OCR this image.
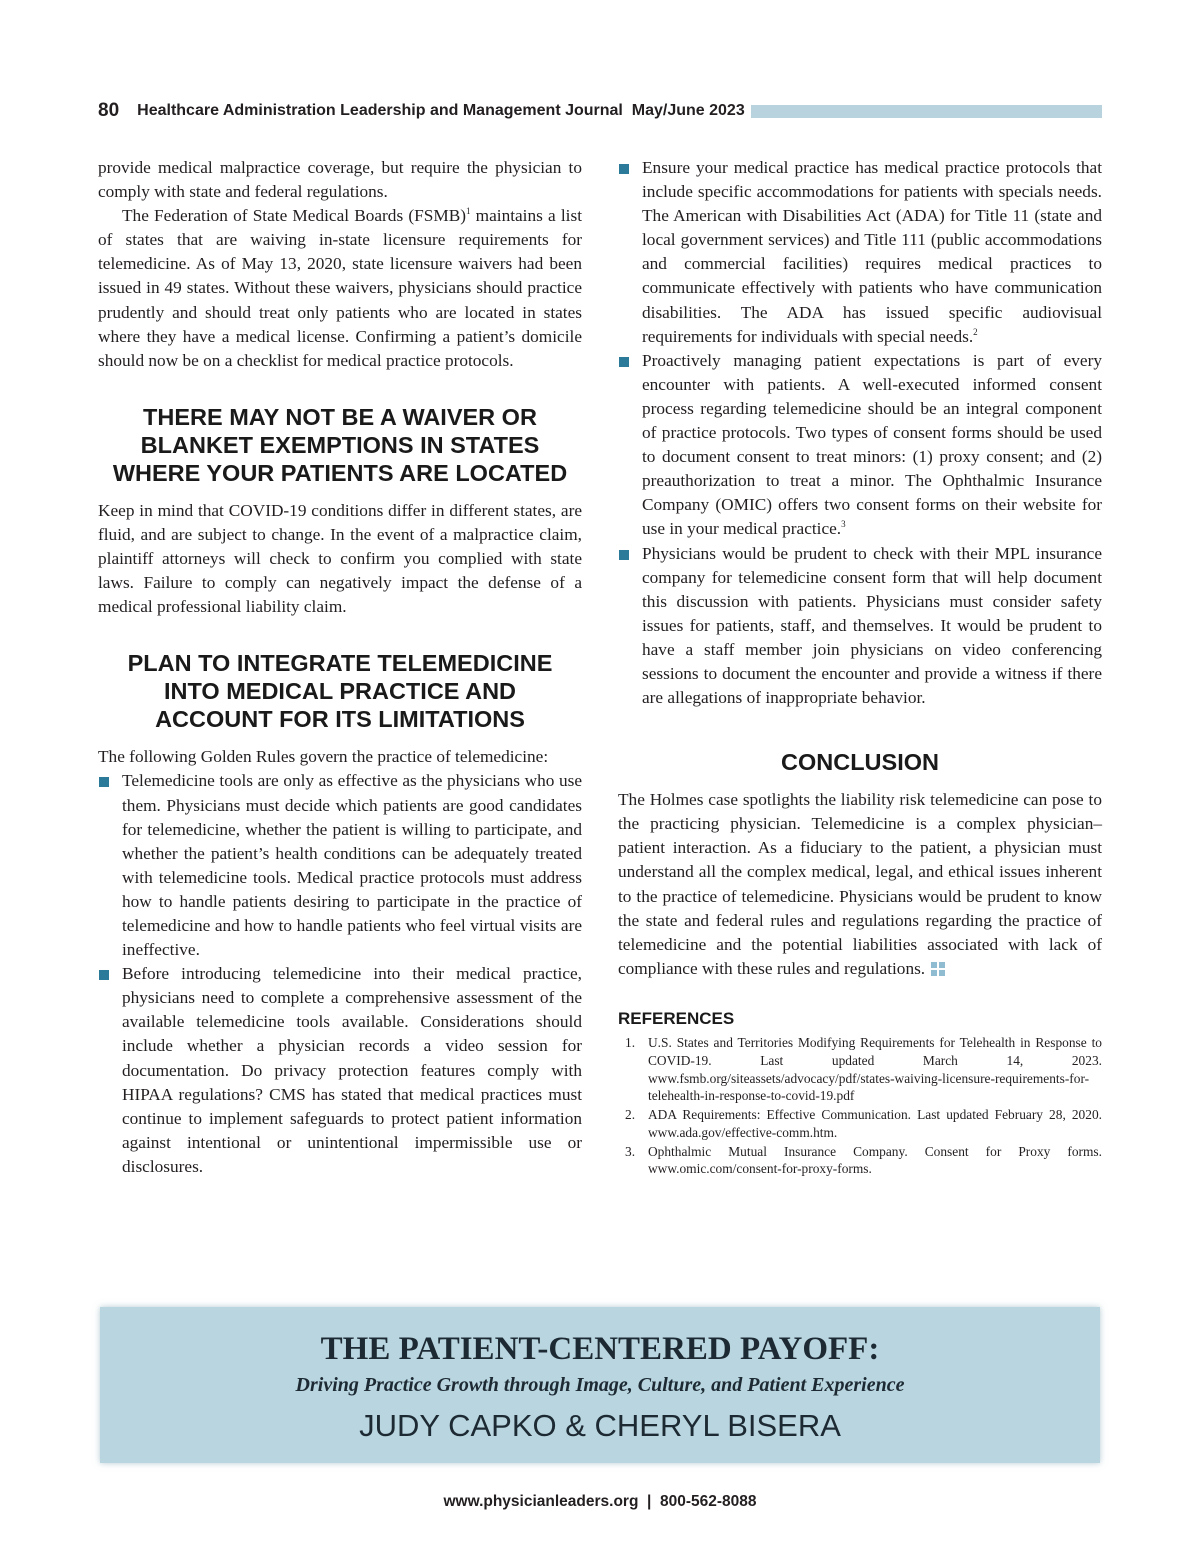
80 Healthcare Administration Leadership and Management Journal May/June 2023

provide medical malpractice coverage, but require the physician to comply with state and federal regulations.

The Federation of State Medical Boards (FSMB)$^1$ maintains a list of states that are waiving in-state licensure requirements for telemedicine. As of May 13, 2020, state licensure waivers had been issued in 49 states. Without these waivers, physicians should practice prudently and should treat only patients who are located in states where they have a medical license. Confirming a patient’s domicile should now be on a checklist for medical practice protocols.

THERE MAY NOT BE A WAIVER OR BLANKET EXEMPTIONS IN STATES WHERE YOUR PATIENTS ARE LOCATED

Keep in mind that COVID-19 conditions differ in different states, are fluid, and are subject to change. In the event of a malpractice claim, plaintiff attorneys will check to confirm you complied with state laws. Failure to comply can negatively impact the defense of a medical professional liability claim.

PLAN TO INTEGRATE TELEMEDICINE INTO MEDICAL PRACTICE AND ACCOUNT FOR ITS LIMITATIONS

The following Golden Rules govern the practice of telemedicine:

Telemedicine tools are only as effective as the physicians who use them. Physicians must decide which patients are good candidates for telemedicine, whether the patient is willing to participate, and whether the patient’s health conditions can be adequately treated with telemedicine tools. Medical practice protocols must address how to handle patients desiring to participate in the practice of telemedicine and how to handle patients who feel virtual visits are ineffective.
Before introducing telemedicine into their medical practice, physicians need to complete a comprehensive assessment of the available telemedicine tools available. Considerations should include whether a physician records a video session for documentation. Do privacy protection features comply with HIPAA regulations? CMS has stated that medical practices must continue to implement safeguards to protect patient information against intentional or unintentional impermissible use or disclosures.
Ensure your medical practice has medical practice protocols that include specific accommodations for patients with specials needs. The American with Disabilities Act (ADA) for Title 11 (state and local government services) and Title 111 (public accommodations and commercial facilities) requires medical practices to communicate effectively with patients who have communication disabilities. The ADA has issued specific audiovisual requirements for individuals with special needs.$^2$
Proactively managing patient expectations is part of every encounter with patients. A well-executed informed consent process regarding telemedicine should be an integral component of practice protocols. Two types of consent forms should be used to document consent to treat minors: (1) proxy consent; and (2) preauthorization to treat a minor. The Ophthalmic Insurance Company (OMIC) offers two consent forms on their website for use in your medical practice.$^3$
Physicians would be prudent to check with their MPL insurance company for telemedicine consent form that will help document this discussion with patients. Physicians must consider safety issues for patients, staff, and themselves. It would be prudent to have a staff member join physicians on video conferencing sessions to document the encounter and provide a witness if there are allegations of inappropriate behavior.
CONCLUSION

The Holmes case spotlights the liability risk telemedicine can pose to the practicing physician. Telemedicine is a complex physician–patient interaction. As a fiduciary to the patient, a physician must understand all the complex medical, legal, and ethical issues inherent to the practice of telemedicine. Physicians would be prudent to know the state and federal rules and regulations regarding the practice of telemedicine and the potential liabilities associated with lack of compliance with these rules and regulations.

REFERENCES
1. U.S. States and Territories Modifying Requirements for Telehealth in Response to COVID-19. Last updated March 14, 2023. www.fsmb.org/siteassets/advocacy/pdf/states-waiving-licensure-requirements-for-telehealth-in-response-to-covid-19.pdf
2. ADA Requirements: Effective Communication. Last updated February 28, 2020. www.ada.gov/effective-comm.htm.
3. Ophthalmic Mutual Insurance Company. Consent for Proxy forms. www.omic.com/consent-for-proxy-forms.
THE PATIENT-CENTERED PAYOFF:
Driving Practice Growth through Image, Culture, and Patient Experience
JUDY CAPKO & CHERYL BISERA
www.physicianleaders.org  |  800-562-8088
